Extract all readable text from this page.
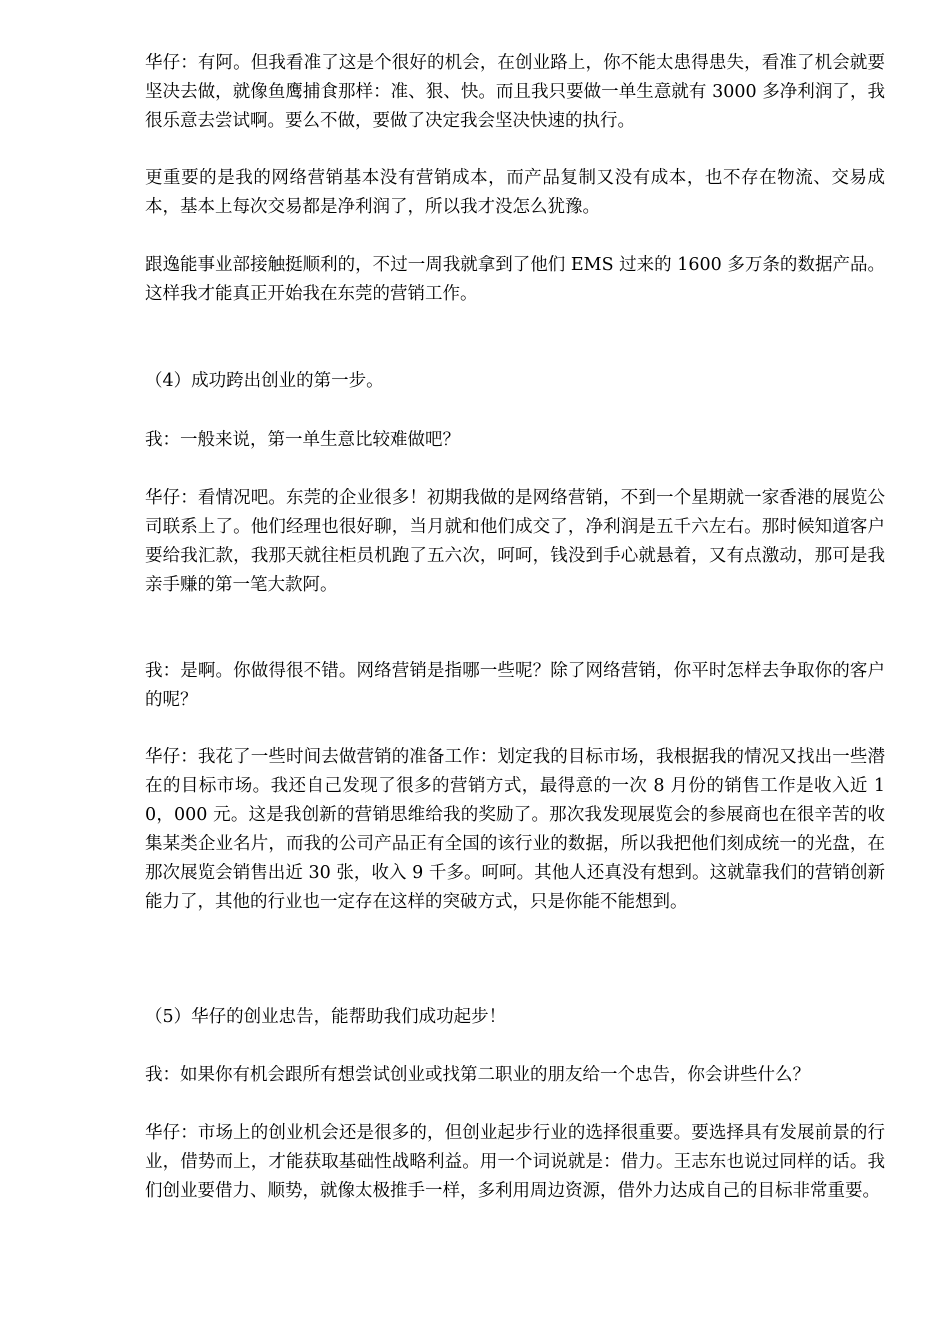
华仔：有阿。但我看准了这是个很好的机会，在创业路上，你不能太患得患失，看准了机会就要坚决去做，就像鱼鹰捕食那样：准、狠、快。而且我只要做一单生意就有 3000 多净利润了，我很乐意去尝试啊。要么不做，要做了决定我会坚决快速的执行。

更重要的是我的网络营销基本没有营销成本，而产品复制又没有成本，也不存在物流、交易成本，基本上每次交易都是净利润了，所以我才没怎么犹豫。

跟逸能事业部接触挺顺利的，不过一周我就拿到了他们 EMS 过来的 1600 多万条的数据产品。这样我才能真正开始我在东莞的营销工作。

（4）成功跨出创业的第一步。

我：一般来说，第一单生意比较难做吧？

华仔：看情况吧。东莞的企业很多！初期我做的是网络营销，不到一个星期就一家香港的展览公司联系上了。他们经理也很好聊，当月就和他们成交了，净利润是五千六左右。那时候知道客户要给我汇款，我那天就往柜员机跑了五六次，呵呵，钱没到手心就悬着，又有点激动，那可是我亲手赚的第一笔大款阿。

我：是啊。你做得很不错。网络营销是指哪一些呢？除了网络营销，你平时怎样去争取你的客户的呢？

华仔：我花了一些时间去做营销的准备工作：划定我的目标市场，我根据我的情况又找出一些潜在的目标市场。我还自己发现了很多的营销方式，最得意的一次 8 月份的销售工作是收入近 10，000 元。这是我创新的营销思维给我的奖励了。那次我发现展览会的参展商也在很辛苦的收集某类企业名片，而我的公司产品正有全国的该行业的数据，所以我把他们刻成统一的光盘，在那次展览会销售出近 30 张，收入 9 千多。呵呵。其他人还真没有想到。这就靠我们的营销创新能力了，其他的行业也一定存在这样的突破方式，只是你能不能想到。

（5）华仔的创业忠告，能帮助我们成功起步！

我：如果你有机会跟所有想尝试创业或找第二职业的朋友给一个忠告，你会讲些什么？

华仔：市场上的创业机会还是很多的，但创业起步行业的选择很重要。要选择具有发展前景的行业，借势而上，才能获取基础性战略利益。用一个词说就是：借力。王志东也说过同样的话。我们创业要借力、顺势，就像太极推手一样，多利用周边资源，借外力达成自己的目标非常重要。
